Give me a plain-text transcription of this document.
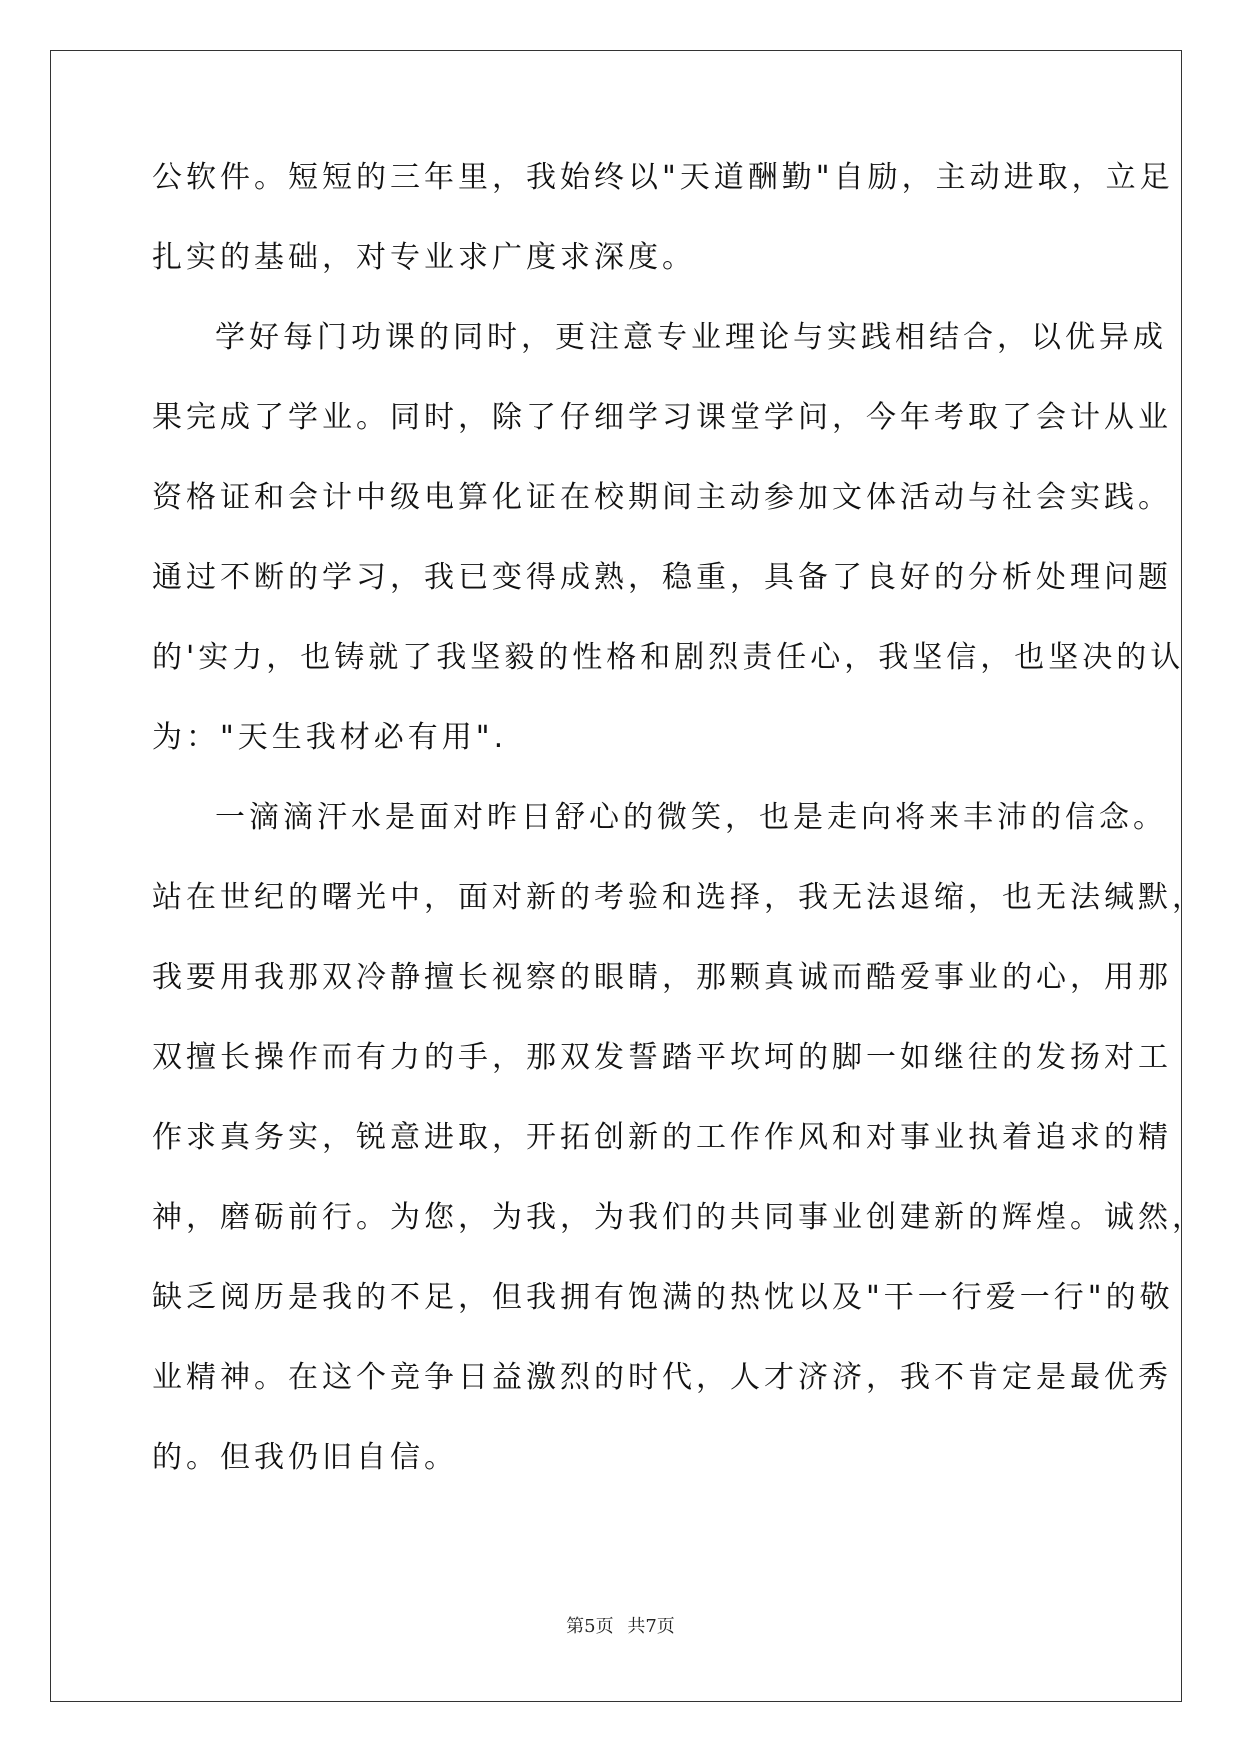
公软件。短短的三年里，我始终以"天道酬勤"自励，主动进取，立足
扎实的基础，对专业求广度求深度。
学好每门功课的同时，更注意专业理论与实践相结合，以优异成
果完成了学业。同时，除了仔细学习课堂学问，今年考取了会计从业
资格证和会计中级电算化证在校期间主动参加文体活动与社会实践。
通过不断的学习，我已变得成熟，稳重，具备了良好的分析处理问题
的'实力，也铸就了我坚毅的性格和剧烈责任心，我坚信，也坚决的认
为："天生我材必有用".
一滴滴汗水是面对昨日舒心的微笑，也是走向将来丰沛的信念。
站在世纪的曙光中，面对新的考验和选择，我无法退缩，也无法缄默，
我要用我那双冷静擅长视察的眼睛，那颗真诚而酷爱事业的心，用那
双擅长操作而有力的手，那双发誓踏平坎坷的脚一如继往的发扬对工
作求真务实，锐意进取，开拓创新的工作作风和对事业执着追求的精
神，磨砺前行。为您，为我，为我们的共同事业创建新的辉煌。诚然，
缺乏阅历是我的不足，但我拥有饱满的热忱以及"干一行爱一行"的敬
业精神。在这个竞争日益激烈的时代，人才济济，我不肯定是最优秀
的。但我仍旧自信。
第5页 共7页
